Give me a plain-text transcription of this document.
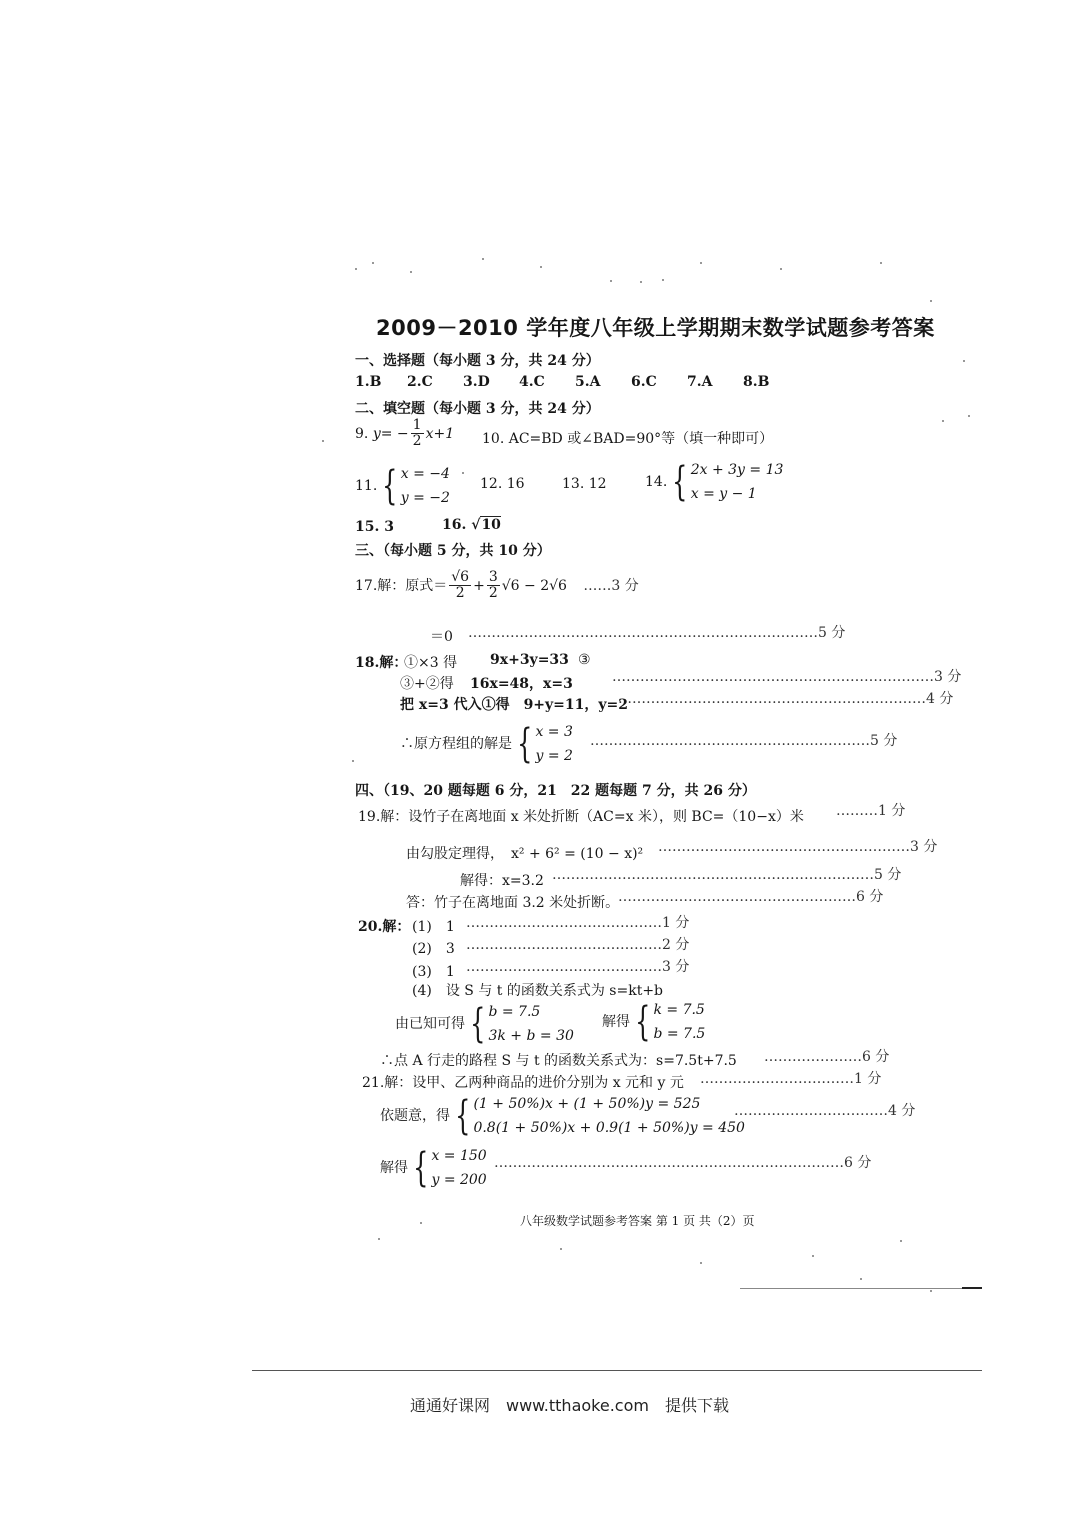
2009－2010 学年度八年级上学期期末数学试题参考答案
一、选择题（每小题 3 分，共 24 分）
1.B 2.C 3.D 4.C 5.A 6.C 7.A 8.B
二、填空题（每小题 3 分，共 24 分）
9. $y= - \frac{1}{2} x+1$ 10. AC=BD 或∠BAD=90°等（填一种即可）
11. { x = −4
y = −2
12. 16	13. 12	14. { 2x + 3y = 13
x = y − 1
15. 3	16. √10
三、（每小题 5 分，共 10 分）
17.解：原式＝ $\frac{√6}{2} + \frac{3}{2} √6 - 2√6$ ……3 分
＝0 …………………………………………………………………5 分
18.解：
①×3 得 9x+3y=33 ③
……………………………………………………………3 分
③+②得 16x=48，x=3
…………………………………………………………4 分
把 x=3 代入①得　9+y=11，y=2
∴原方程组的解是 { x = 3
y = 2
……………………………………………………5 分
四、（19、20 题每题 6 分，21　22 题每题 7 分，共 26 分）
19.解：设竹子在离地面 x 米处折断（AC=x 米），则 BC=（10−x）米 ………1 分
由勾股定理得，　x² + 6² = (10 − x)² ………………………………………………3 分
解得：x=3.2 ……………………………………………………………5 分
答：竹子在离地面 3.2 米处折断。
……………………………………………6 分
20.解： (1)　1 ……………………………………1 分
(2)　3 ……………………………………2 分
(3)　1 ……………………………………3 分
(4)　设 S 与 t 的函数关系式为 s=kt+b
由已知可得 { b = 7.5
3k + b = 30
解得 { k = 7.5
b = 7.5
∴点 A 行走的路程 S 与 t 的函数关系式为：s=7.5t+7.5 …………………6 分
21.解：设甲、乙两种商品的进价分别为 x 元和 y 元 ……………………………1 分
依题意，得 { (1 + 50%)x + (1 + 50%)y = 525
0.8(1 + 50%)x + 0.9(1 + 50%)y = 450
……………………………4 分
解得 { x = 150
y = 200
…………………………………………………………………6 分
八年级数学试题参考答案 第 1 页 共（2）页
通通好课网　www.tthaoke.com　提供下载
